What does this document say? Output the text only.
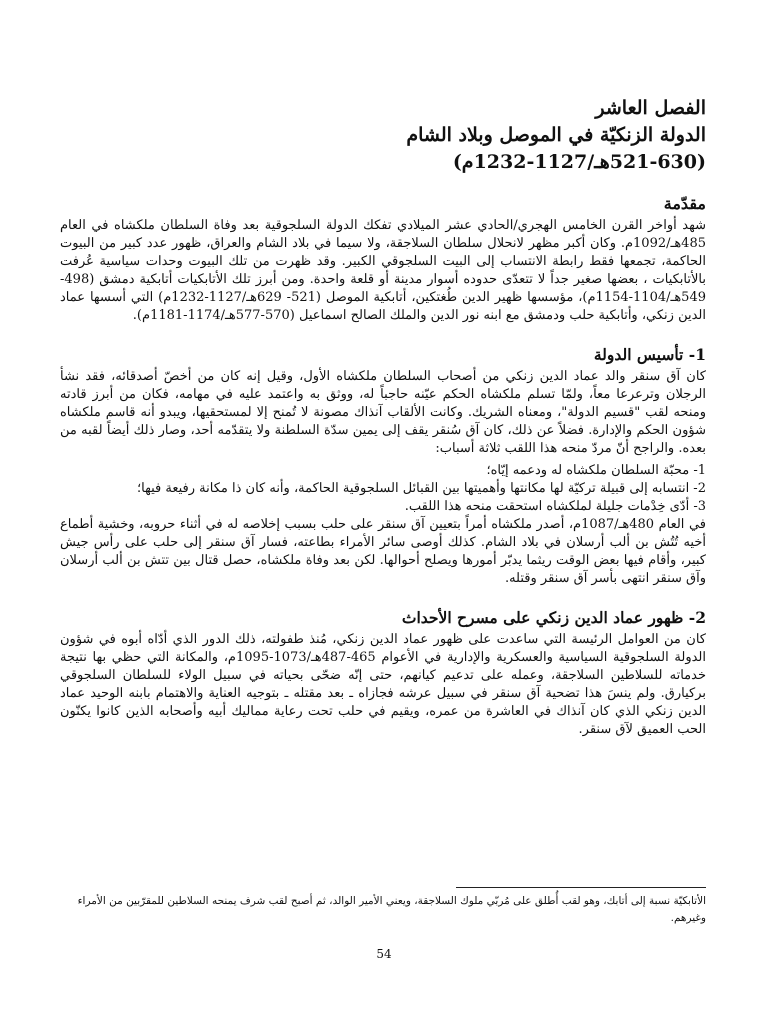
الفصل العاشر

الدولة الزنكيّة في الموصل وبلاد الشام

(521-630هـ/1127-1232م)

مقدّمة

شهد أواخر القرن الخامس الهجري/الحادي عشر الميلادي تفكك الدولة السلجوقية بعد وفاة السلطان ملكشاه في العام 485هـ/1092م. وكان أكبر مظهر لانحلال سلطان السلاجقة، ولا سيما في بلاد الشام والعراق، ظهور عدد كبير من البيوت الحاكمة، تجمعها فقط رابطة الانتساب إلى البيت السلجوقي الكبير. وقد ظهرت من تلك البيوت وحدات سياسية عُرفت بالأتابكيات ، بعضها صغير جداً لا تتعدّى حدوده أسوار مدينة أو قلعة واحدة. ومن أبرز تلك الأتابكيات أتابكية دمشق (498-549هـ/1104-1154م)، مؤسسها ظهير الدين طُغتكين، أتابكية الموصل (521- 629هـ/1127-1232م) التي أسسها عماد الدين زنكي، وأتابكية حلب ودمشق مع ابنه نور الدين والملك الصالح اسماعيل (570-577هـ/1174-1181م).

1- تأسيس الدولة

كان آق سنقر والد عماد الدين زنكي من أصحاب السلطان ملكشاه الأول، وقيل إنه كان من أخصّ أصدقائه، فقد نشأ الرجلان وترعرعا معاً، ولمّا تسلم ملكشاه الحكم عيّنه حاجباً له، ووثق به واعتمد عليه في مهامه، فكان من أبرز قادته ومنحه لقب "قسيم الدولة"، ومعناه الشريك. وكانت الألقاب آنذاك مصونة لا تُمنح إلا لمستحقيها، ويبدو أنه قاسم ملكشاه شؤون الحكم والإدارة. فضلاً عن ذلك، كان آق سُنقر يقف إلى يمين سدّة السلطنة ولا يتقدّمه أحد، وصار ذلك أيضاً لقبه من بعده. والراجح أنّ مردّ منحه هذا اللقب ثلاثة أسباب:

1- محبّة السلطان ملكشاه له ودعمه إيّاه؛

2- انتسابه إلى قبيلة تركيّة لها مكانتها وأهميتها بين القبائل السلجوقية الحاكمة، وأنه كان ذا مكانة رفيعة فيها؛

3- أدّى خِدْمات جليلة لملكشاه استحقت منحه هذا اللقب.

في العام 480هـ/1087م، أصدر ملكشاه أمراً بتعيين آق سنقر على حلب بسبب إخلاصه له في أثناء حروبه، وخشية أطماع أخيه تُتُش بن ألب أرسلان في بلاد الشام. كذلك أوصى سائر الأمراء بطاعته، فسار آق سنقر إلى حلب على رأس جيش كبير، وأقام فيها بعض الوقت ريثما يدبّر أمورها ويصلح أحوالها. لكن بعد وفاة ملكشاه، حصل قتال بين تتش بن ألب أرسلان وآق سنقر انتهى بأسر آق سنقر وقتله.

2- ظهور عماد الدين زنكي على مسرح الأحداث

كان من العوامل الرئيسة التي ساعدت على ظهور عماد الدين زنكي، مُنذ طفولته، ذلك الدور الذي أدّاه أبوه في شؤون الدولة السلجوقية السياسية والعسكرية والإدارية في الأعوام 465-487هـ/1073-1095م، والمكانة التي حظي بها نتيجة خدماته للسلاطين السلاجقة، وعمله على تدعيم كيانهم، حتى إنّه ضحّى بحياته في سبيل الولاء للسلطان السلجوقي بركيارق. ولم ينسَ هذا تضحية آق سنقر في سبيل عرشه فجازاه ـ بعد مقتله ـ بتوجيه العناية والاهتمام بابنه الوحيد عماد الدين زنكي الذي كان آنذاك في العاشرة من عمره، ويقيم في حلب تحت رعاية مماليك أبيه وأصحابه الذين كانوا يكنّون الحب العميق لآق سنقر.

الأتابكيّة نسبة إلى أتابك، وهو لقب أُطلق على مُربّي ملوك السلاجقة، ويعني الأمير الوالد، ثم أصبح لقب شرف يمنحه السلاطين للمقرّبين من الأمراء وغيرهم.

54
